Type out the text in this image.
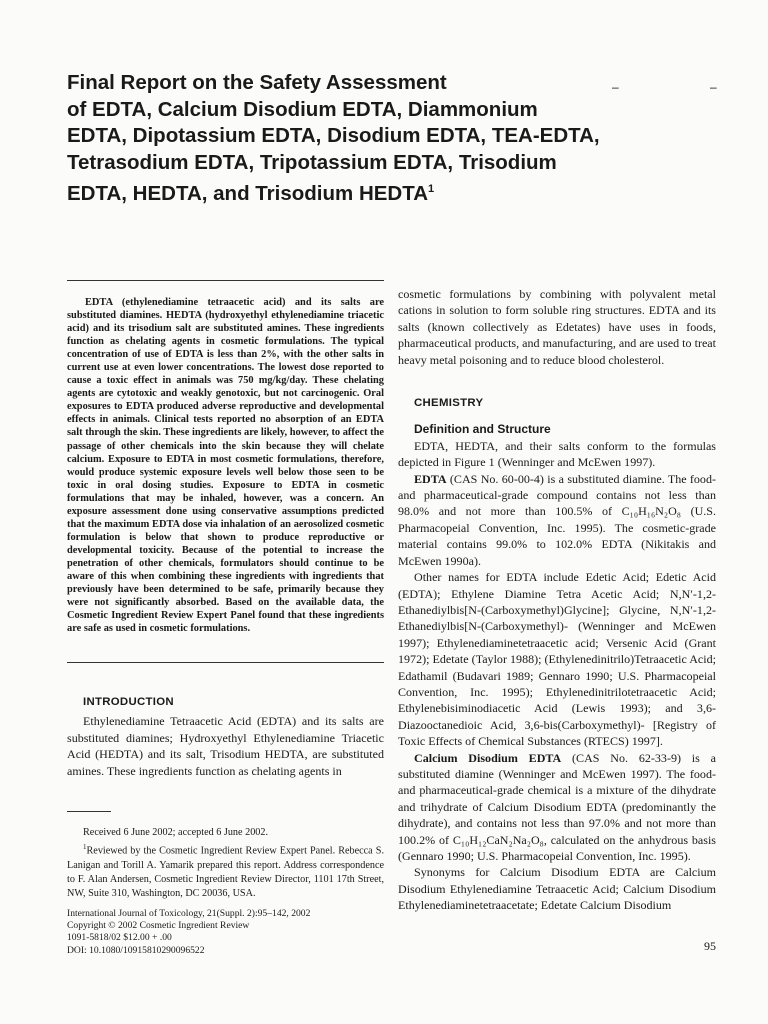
Final Report on the Safety Assessment
of EDTA, Calcium Disodium EDTA, Diammonium
EDTA, Dipotassium EDTA, Disodium EDTA, TEA-EDTA,
Tetrasodium EDTA, Tripotassium EDTA, Trisodium
EDTA, HEDTA, and Trisodium HEDTA$^1$
– –

EDTA (ethylenediamine tetraacetic acid) and its salts are substituted diamines. HEDTA (hydroxyethyl ethylenediamine triacetic acid) and its trisodium salt are substituted amines. These ingredients function as chelating agents in cosmetic formulations. The typical concentration of use of EDTA is less than 2%, with the other salts in current use at even lower concentrations. The lowest dose reported to cause a toxic effect in animals was 750 mg/kg/day. These chelating agents are cytotoxic and weakly genotoxic, but not carcinogenic. Oral exposures to EDTA produced adverse reproductive and developmental effects in animals. Clinical tests reported no absorption of an EDTA salt through the skin. These ingredients are likely, however, to affect the passage of other chemicals into the skin because they will chelate calcium. Exposure to EDTA in most cosmetic formulations, therefore, would produce systemic exposure levels well below those seen to be toxic in oral dosing studies. Exposure to EDTA in cosmetic formulations that may be inhaled, however, was a concern. An exposure assessment done using conservative assumptions predicted that the maximum EDTA dose via inhalation of an aerosolized cosmetic formulation is below that shown to produce reproductive or developmental toxicity. Because of the potential to increase the penetration of other chemicals, formulators should continue to be aware of this when combining these ingredients with ingredients that previously have been determined to be safe, primarily because they were not significantly absorbed. Based on the available data, the Cosmetic Ingredient Review Expert Panel found that these ingredients are safe as used in cosmetic formulations.

INTRODUCTION

Ethylenediamine Tetraacetic Acid (EDTA) and its salts are substituted diamines; Hydroxyethyl Ethylenediamine Triacetic Acid (HEDTA) and its salt, Trisodium HEDTA, are substituted amines. These ingredients function as chelating agents in

Received 6 June 2002; accepted 6 June 2002.

$^1$Reviewed by the Cosmetic Ingredient Review Expert Panel. Rebecca S. Lanigan and Torill A. Yamarik prepared this report. Address correspondence to F. Alan Andersen, Cosmetic Ingredient Review Director, 1101 17th Street, NW, Suite 310, Washington, DC 20036, USA.

cosmetic formulations by combining with polyvalent metal cations in solution to form soluble ring structures. EDTA and its salts (known collectively as Edetates) have uses in foods, pharmaceutical products, and manufacturing, and are used to treat heavy metal poisoning and to reduce blood cholesterol.

CHEMISTRY

Definition and Structure

EDTA, HEDTA, and their salts conform to the formulas depicted in Figure 1 (Wenninger and McEwen 1997).

EDTA (CAS No. 60-00-4) is a substituted diamine. The food- and pharmaceutical-grade compound contains not less than 98.0% and not more than 100.5% of C₁₀H₁₆N₂O₈ (U.S. Pharmacopeial Convention, Inc. 1995). The cosmetic-grade material contains 99.0% to 102.0% EDTA (Nikitakis and McEwen 1990a).

Other names for EDTA include Edetic Acid; Edetic Acid (EDTA); Ethylene Diamine Tetra Acetic Acid; N,N′-1,2-Ethanediylbis[N-(Carboxymethyl)Glycine]; Glycine, N,N′-1,2-Ethanediylbis[N-(Carboxymethyl)- (Wenninger and McEwen 1997); Ethylenediaminetetraacetic acid; Versenic Acid (Grant 1972); Edetate (Taylor 1988); (Ethylenedinitrilo)Tetraacetic Acid; Edathamil (Budavari 1989; Gennaro 1990; U.S. Pharmacopeial Convention, Inc. 1995); Ethylenedinitrilotetraacetic Acid; Ethylenebisiminodiacetic Acid (Lewis 1993); and 3,6-Diazooctanedioic Acid, 3,6-bis(Carboxymethyl)- [Registry of Toxic Effects of Chemical Substances (RTECS) 1997].

Calcium Disodium EDTA (CAS No. 62-33-9) is a substituted diamine (Wenninger and McEwen 1997). The food- and pharmaceutical-grade chemical is a mixture of the dihydrate and trihydrate of Calcium Disodium EDTA (predominantly the dihydrate), and contains not less than 97.0% and not more than 100.2% of C₁₀H₁₂CaN₂Na₂O₈, calculated on the anhydrous basis (Gennaro 1990; U.S. Pharmacopeial Convention, Inc. 1995).

Synonyms for Calcium Disodium EDTA are Calcium Disodium Ethylenediamine Tetraacetic Acid; Calcium Disodium Ethylenediaminetetraacetate; Edetate Calcium Disodium

International Journal of Toxicology, 21(Suppl. 2):95–142, 2002
Copyright © 2002 Cosmetic Ingredient Review
1091-5818/02 $12.00 + .00
DOI: 10.1080/10915810290096522	95
